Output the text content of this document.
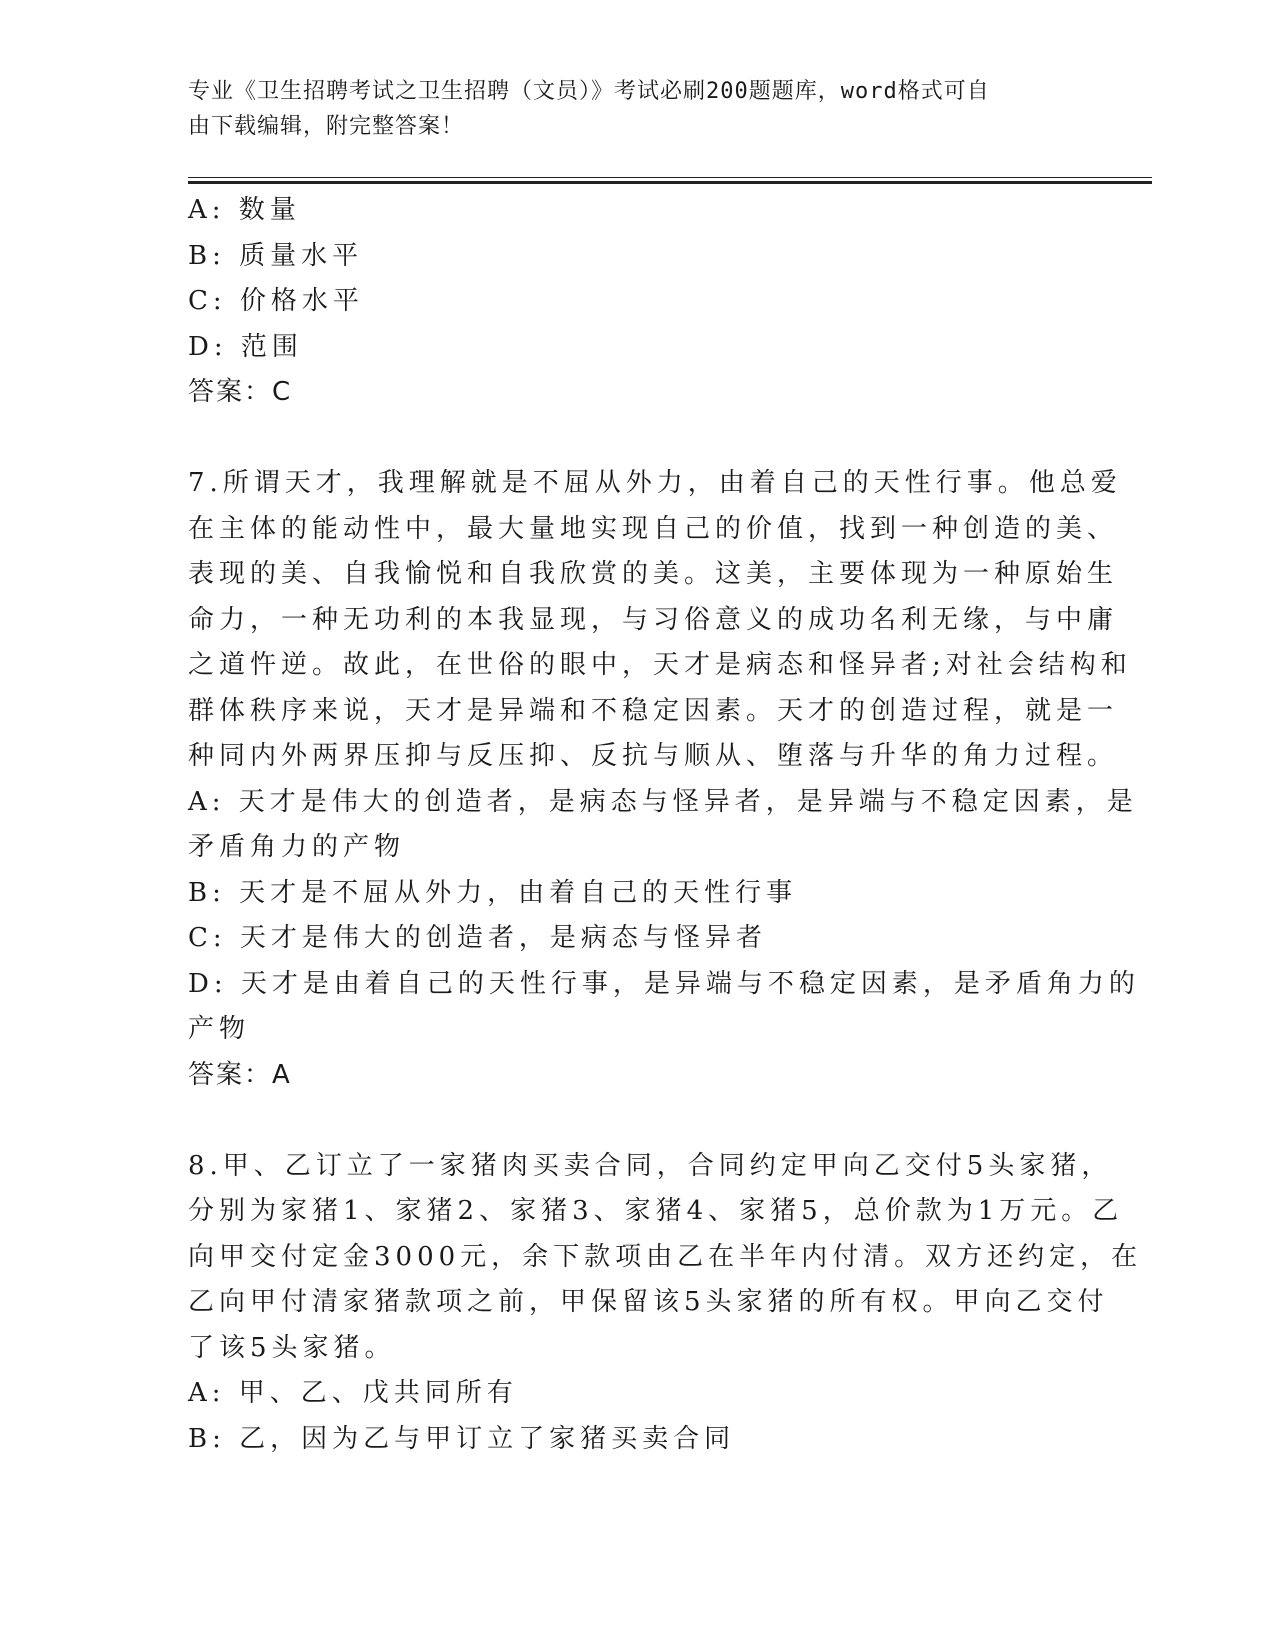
专业《卫生招聘考试之卫生招聘（文员）》考试必刷200题题库，word格式可自
由下载编辑，附完整答案！
A: 数量
B: 质量水平
C: 价格水平
D: 范围
答案：C
7.所谓天才，我理解就是不屈从外力，由着自己的天性行事。他总爱
在主体的能动性中，最大量地实现自己的价值，找到一种创造的美、
表现的美、自我愉悦和自我欣赏的美。这美，主要体现为一种原始生
命力，一种无功利的本我显现，与习俗意义的成功名利无缘，与中庸
之道忤逆。故此，在世俗的眼中，天才是病态和怪异者;对社会结构和
群体秩序来说，天才是异端和不稳定因素。天才的创造过程，就是一
种同内外两界压抑与反压抑、反抗与顺从、堕落与升华的角力过程。
A: 天才是伟大的创造者，是病态与怪异者，是异端与不稳定因素，是
矛盾角力的产物
B: 天才是不屈从外力，由着自己的天性行事
C: 天才是伟大的创造者，是病态与怪异者
D: 天才是由着自己的天性行事，是异端与不稳定因素，是矛盾角力的
产物
答案：A
8.甲、乙订立了一家猪肉买卖合同，合同约定甲向乙交付5头家猪，
分别为家猪1、家猪2、家猪3、家猪4、家猪5，总价款为1万元。乙
向甲交付定金3000元，余下款项由乙在半年内付清。双方还约定，在
乙向甲付清家猪款项之前，甲保留该5头家猪的所有权。甲向乙交付
了该5头家猪。
A: 甲、乙、戊共同所有
B: 乙，因为乙与甲订立了家猪买卖合同
